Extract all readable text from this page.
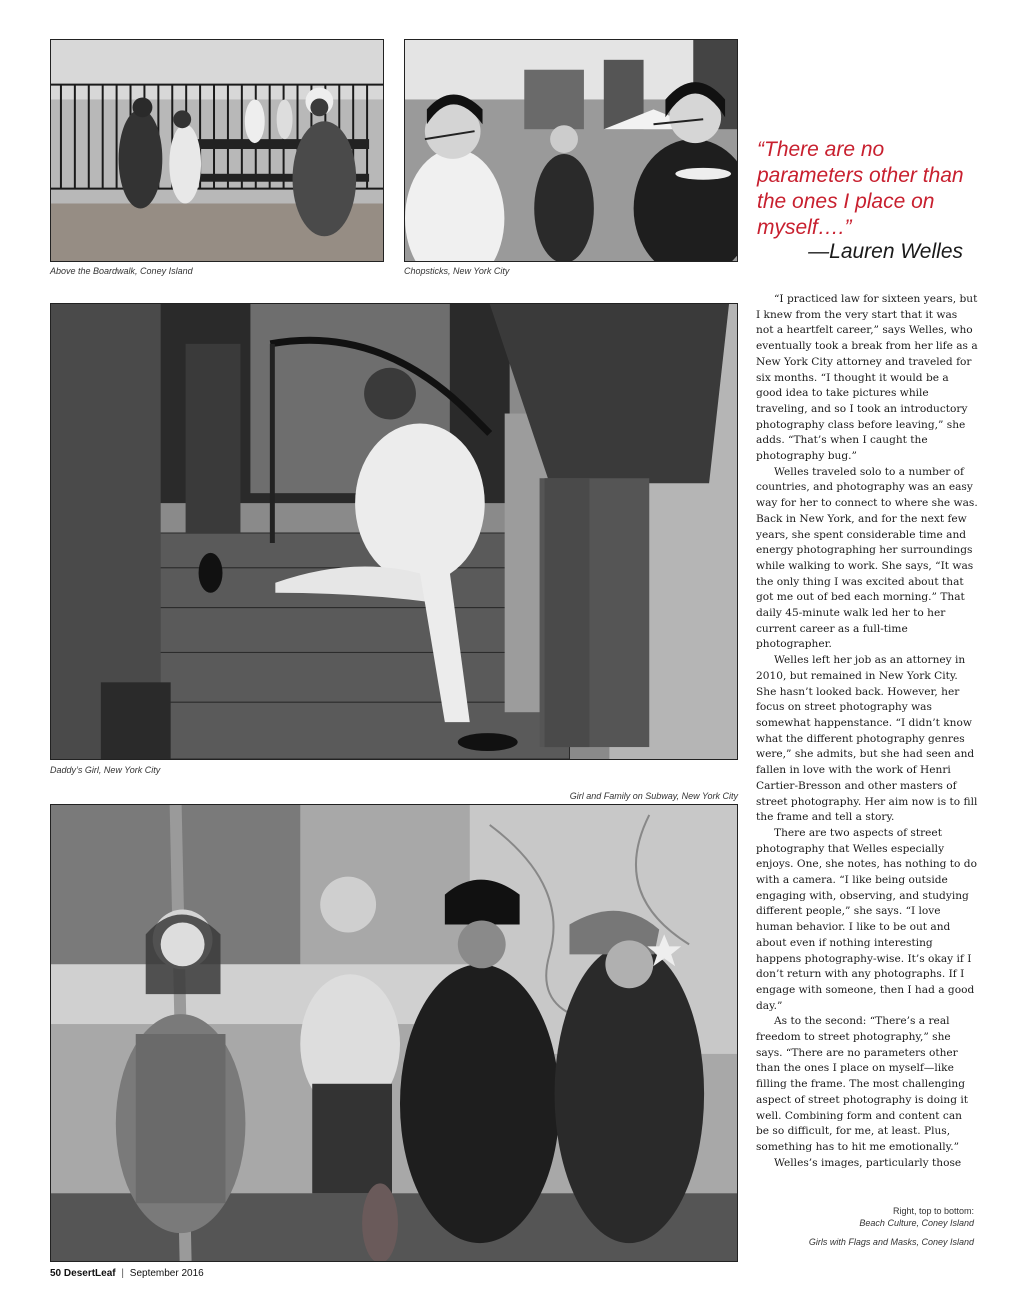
Above the Boardwalk, Coney Island	Chopsticks, New York City
“There are no parameters other than the ones I place on myself….”
—Lauren Welles
Daddy’s Girl, New York City
Girl and Family on Subway, New York City

“I practiced law for sixteen years, but I knew from the very start that it was not a heartfelt career,” says Welles, who eventually took a break from her life as a New York City attorney and traveled for six months. “I thought it would be a good idea to take pictures while traveling, and so I took an introductory photography class before leaving,” she adds. “That’s when I caught the photography bug.”

Welles traveled solo to a number of countries, and photography was an easy way for her to connect to where she was. Back in New York, and for the next few years, she spent considerable time and energy photographing her surroundings while walking to work. She says, “It was the only thing I was excited about that got me out of bed each morning.” That daily 45-minute walk led her to her current career as a full-time photographer.

Welles left her job as an attorney in 2010, but remained in New York City. She hasn’t looked back. However, her focus on street photography was somewhat happenstance. “I didn’t know what the different photography genres were,” she admits, but she had seen and fallen in love with the work of Henri Cartier-Bresson and other masters of street photography. Her aim now is to fill the frame and tell a story.

There are two aspects of street photography that Welles especially enjoys. One, she notes, has nothing to do with a camera. “I like being outside engaging with, observing, and studying different people,” she says. “I love human behavior. I like to be out and about even if nothing interesting happens photography-wise. It’s okay if I don’t return with any photographs. If I engage with someone, then I had a good day.”

As to the second: “There’s a real freedom to street photography,” she says. “There are no parameters other than the ones I place on myself—like filling the frame. The most challenging aspect of street photography is doing it well. Combining form and content can be so difficult, for me, at least. Plus, something has to hit me emotionally.”

Welles’s images, particularly those

Right, top to bottom:
Beach Culture, Coney Island
Girls with Flags and Masks, Coney Island
50 DesertLeaf | September 2016
